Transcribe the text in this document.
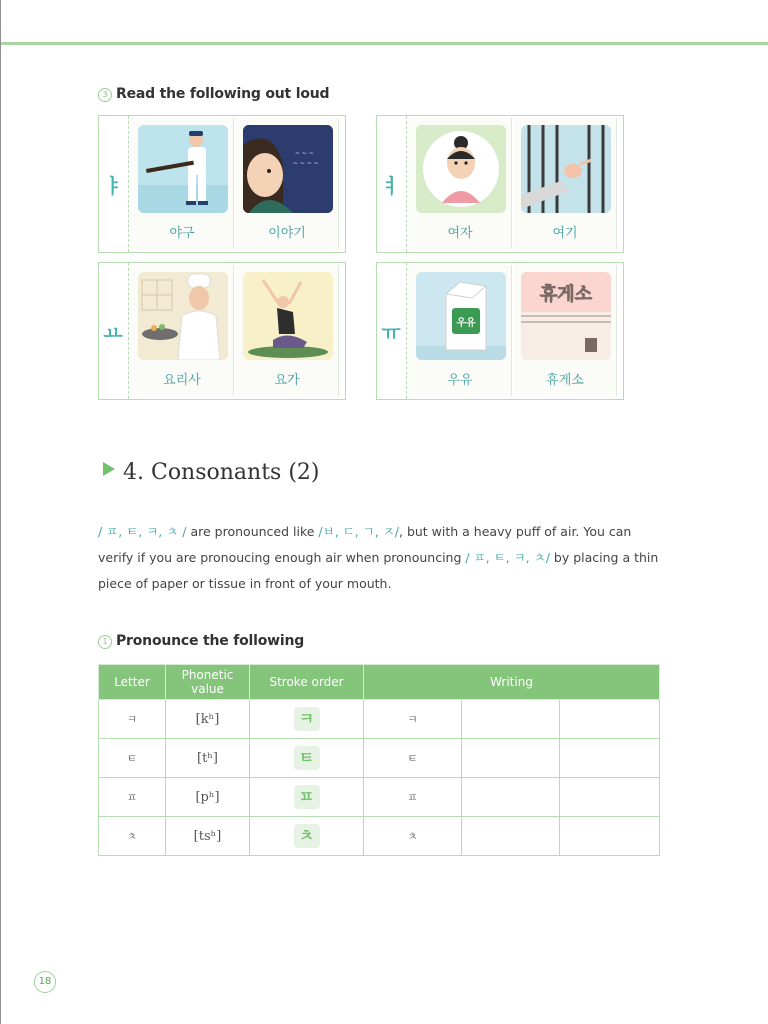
3 Read the following out loud
ㅑ
야구
~ ~ ~
~ ~ ~ ~
이야기
ㅕ
여자	여기
ㅛ
요리사	요가
ㅠ	우유
우유
휴게소
휴게소
4. Consonants (2)
/ ㅍ, ㅌ, ㅋ, ㅊ / are pronounced like /ㅂ, ㄷ, ㄱ, ㅈ/, but with a heavy puff of air. You can verify if you are pronoucing enough air when pronouncing / ㅍ, ㅌ, ㅋ, ㅊ/ by placing a thin piece of paper or tissue in front of your mouth.
1 Pronounce the following
Letter	Phonetic value	Stroke order	Writing		
ㅋ	[kʰ]	ㅋ	ㅋ		
ㅌ	[tʰ]	ㅌ	ㅌ		
ㅍ	[pʰ]	ㅍ	ㅍ		
ㅊ	[tsʰ]	ㅊ	ㅊ		
18
